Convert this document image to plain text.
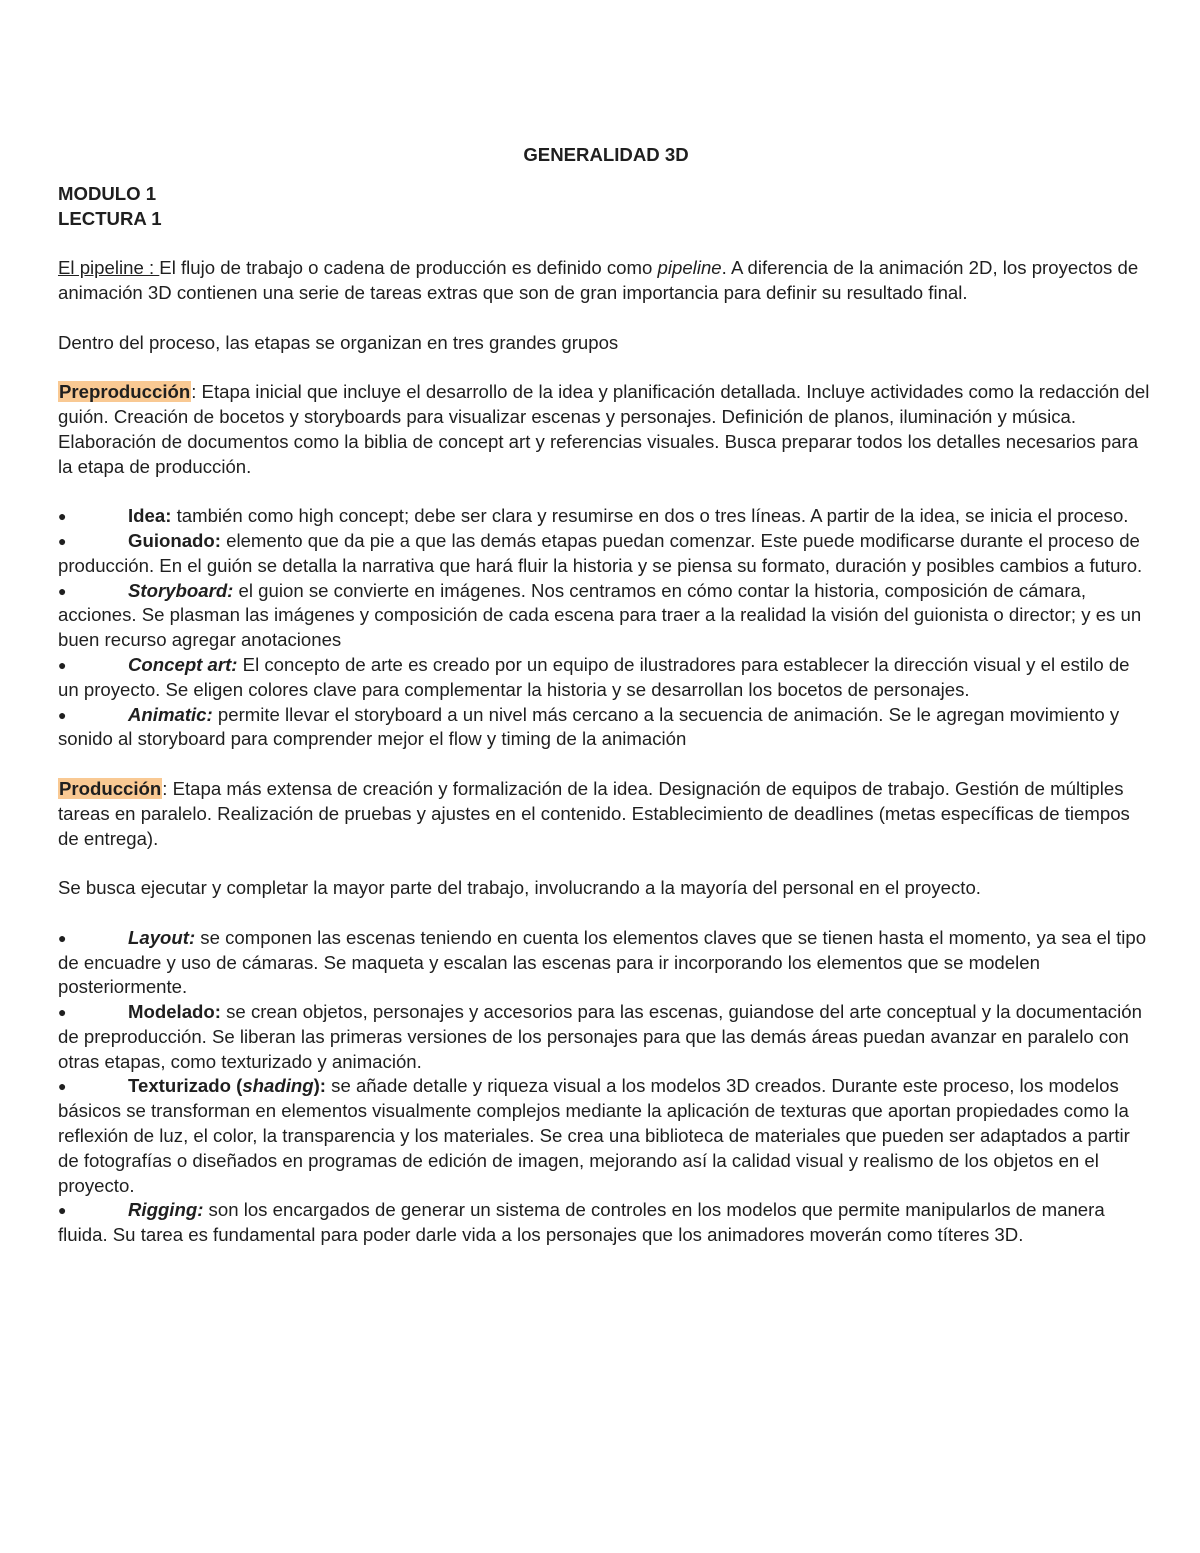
GENERALIDAD 3D

MODULO 1

LECTURA 1

El pipeline : El flujo de trabajo o cadena de producción es definido como pipeline. A diferencia de la animación 2D, los proyectos de animación 3D contienen una serie de tareas extras que son de gran importancia para definir su resultado final.

Dentro del proceso, las etapas se organizan en tres grandes grupos

Preproducción: Etapa inicial que incluye el desarrollo de la idea y planificación detallada. Incluye actividades como la redacción del guión. Creación de bocetos y storyboards para visualizar escenas y personajes. Definición de planos, iluminación y música. Elaboración de documentos como la biblia de concept art y referencias visuales. Busca preparar todos los detalles necesarios para la etapa de producción.

●	Idea: también como high concept; debe ser clara y resumirse en dos o tres líneas. A partir de la idea, se inicia el proceso.

●	Guionado: elemento que da pie a que las demás etapas puedan comenzar. Este puede modificarse durante el proceso de producción. En el guión se detalla la narrativa que hará fluir la historia y se piensa su formato, duración y posibles cambios a futuro.

●	Storyboard: el guion se convierte en imágenes. Nos centramos en cómo contar la historia, composición de cámara, acciones. Se plasman las imágenes y composición de cada escena para traer a la realidad la visión del guionista o director; y es un buen recurso agregar anotaciones

●	Concept art: El concepto de arte es creado por un equipo de ilustradores para establecer la dirección visual y el estilo de un proyecto. Se eligen colores clave para complementar la historia y se desarrollan los bocetos de personajes.

●	Animatic: permite llevar el storyboard a un nivel más cercano a la secuencia de animación. Se le agregan movimiento y sonido al storyboard para comprender mejor el flow y timing de la animación

Producción: Etapa más extensa de creación y formalización de la idea. Designación de equipos de trabajo. Gestión de múltiples tareas en paralelo. Realización de pruebas y ajustes en el contenido. Establecimiento de deadlines (metas específicas de tiempos de entrega).

Se busca ejecutar y completar la mayor parte del trabajo, involucrando a la mayoría del personal en el proyecto.

●	Layout: se componen las escenas teniendo en cuenta los elementos claves que se tienen hasta el momento, ya sea el tipo de encuadre y uso de cámaras. Se maqueta y escalan las escenas para ir incorporando los elementos que se modelen posteriormente.

●	Modelado: se crean objetos, personajes y accesorios para las escenas, guiandose del arte conceptual y la documentación de preproducción. Se liberan las primeras versiones de los personajes para que las demás áreas puedan avanzar en paralelo con otras etapas, como texturizado y animación.

●	Texturizado (shading): se añade detalle y riqueza visual a los modelos 3D creados. Durante este proceso, los modelos básicos se transforman en elementos visualmente complejos mediante la aplicación de texturas que aportan propiedades como la reflexión de luz, el color, la transparencia y los materiales. Se crea una biblioteca de materiales que pueden ser adaptados a partir de fotografías o diseñados en programas de edición de imagen, mejorando así la calidad visual y realismo de los objetos en el proyecto.

●	Rigging: son los encargados de generar un sistema de controles en los modelos que permite manipularlos de manera fluida. Su tarea es fundamental para poder darle vida a los personajes que los animadores moverán como títeres 3D.
